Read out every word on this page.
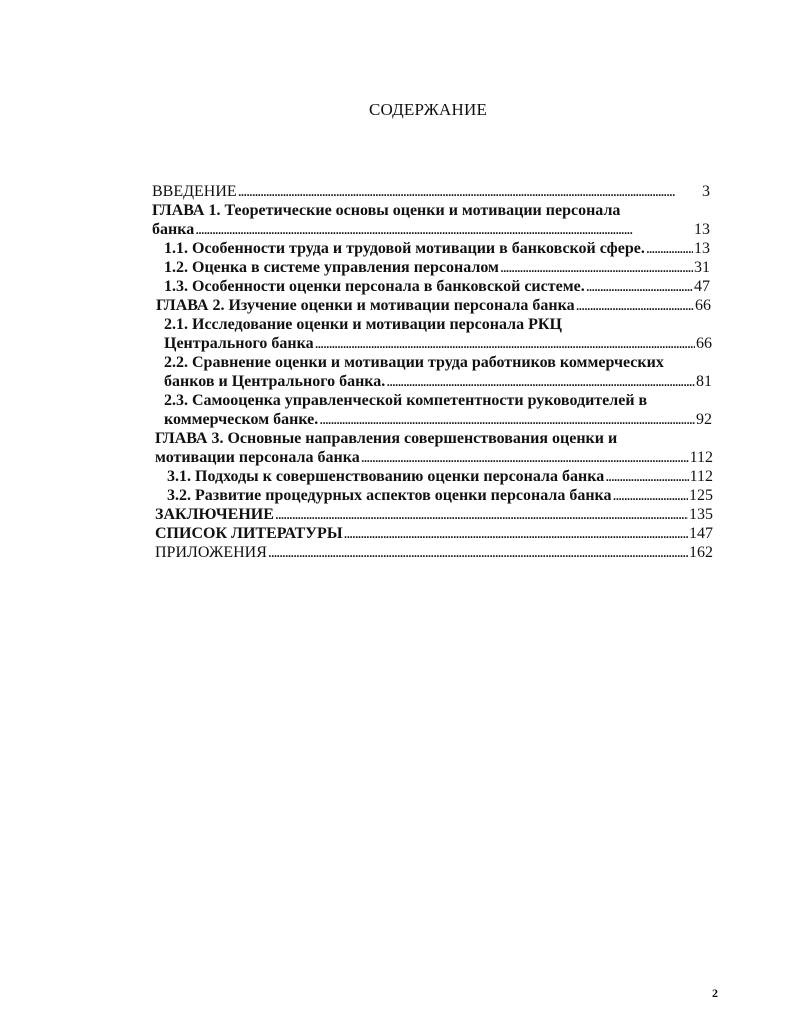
СОДЕРЖАНИЕ
ВВЕДЕНИЕ . . .	3
ГЛАВА 1. Теоретические основы оценки и мотивации персонала
банка . . .	13
1.1. Особенности труда и трудовой мотивации в банковской сфере. . . .	13
1.2. Оценка в системе управления персоналом . . .	31
1.3. Особенности оценки персонала в банковской системе. . . .	47
ГЛАВА 2. Изучение оценки и мотивации персонала банка . . .	66
2.1. Исследование оценки и мотивации персонала РКЦ
Центрального банка . . .	66
2.2. Сравнение оценки и мотивации труда работников коммерческих
банков и Центрального банка. . . .	81
2.3. Самооценка управленческой компетентности руководителей в
коммерческом банке. . . .	92
ГЛАВА 3. Основные направления совершенствования оценки и
мотивации персонала банка . . .	112
3.1. Подходы к совершенствованию оценки персонала банка . . .	112
3.2. Развитие процедурных аспектов оценки персонала банка . . .	125
ЗАКЛЮЧЕНИЕ . . .	135
СПИСОК ЛИТЕРАТУРЫ . . .	147
ПРИЛОЖЕНИЯ . . .	162
2
